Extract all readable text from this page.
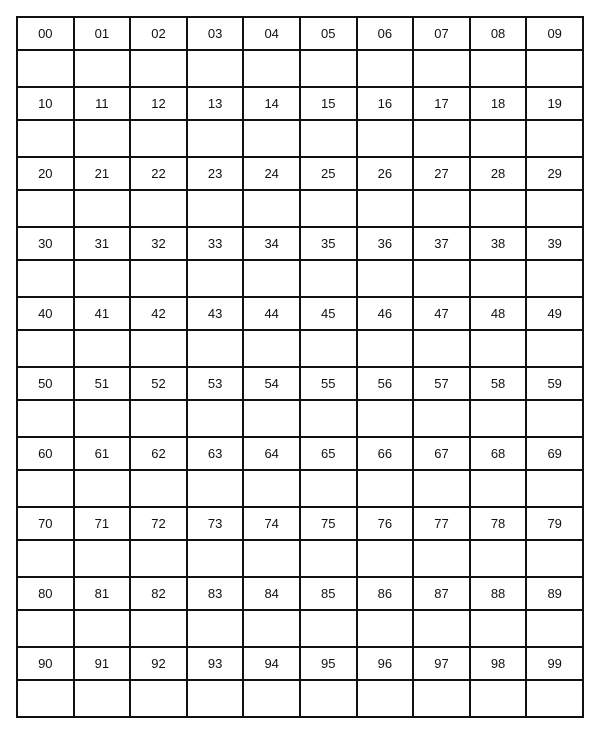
00	01	02	03	04	05	06	07	08	09

10	11	12	13	14	15	16	17	18	19

20	21	22	23	24	25	26	27	28	29

30	31	32	33	34	35	36	37	38	39

40	41	42	43	44	45	46	47	48	49

50	51	52	53	54	55	56	57	58	59

60	61	62	63	64	65	66	67	68	69

70	71	72	73	74	75	76	77	78	79

80	81	82	83	84	85	86	87	88	89

90	91	92	93	94	95	96	97	98	99
